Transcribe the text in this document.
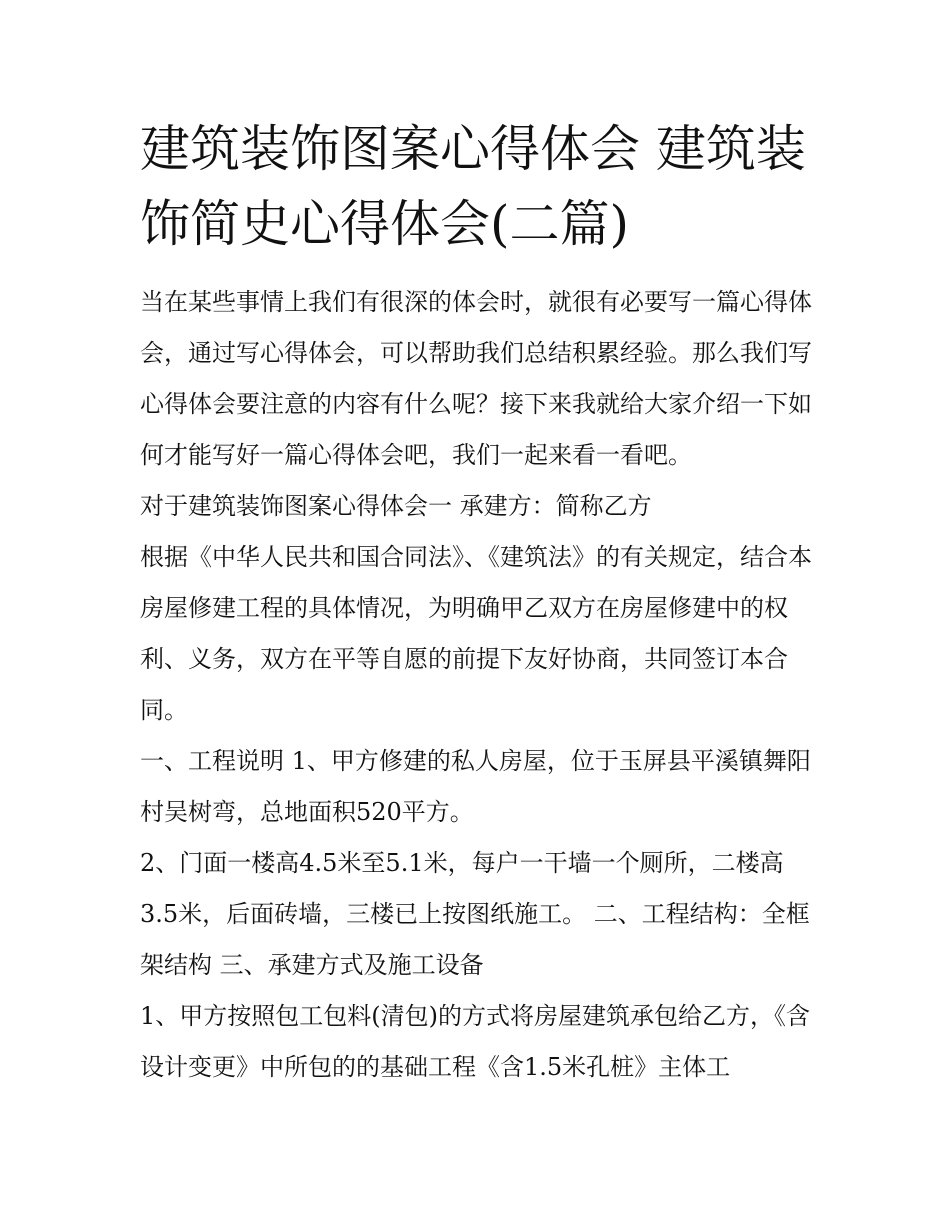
建筑装饰图案心得体会 建筑装饰简史心得体会(二篇)

当在某些事情上我们有很深的体会时，就很有必要写一篇心得体会，通过写心得体会，可以帮助我们总结积累经验。那么我们写心得体会要注意的内容有什么呢？接下来我就给大家介绍一下如何才能写好一篇心得体会吧，我们一起来看一看吧。

对于建筑装饰图案心得体会一 承建方：简称乙方

根据《中华人民共和国合同法》、《建筑法》的有关规定，结合本房屋修建工程的具体情况，为明确甲乙双方在房屋修建中的权利、义务，双方在平等自愿的前提下友好协商，共同签订本合同。

一、工程说明 1、甲方修建的私人房屋，位于玉屏县平溪镇舞阳村吴树弯，总地面积520平方。

2、门面一楼高4.5米至5.1米，每户一干墙一个厕所，二楼高3.5米，后面砖墙，三楼已上按图纸施工。 二、工程结构：全框架结构 三、承建方式及施工设备

1、甲方按照包工包料(清包)的方式将房屋建筑承包给乙方，《含设计变更》中所包的的基础工程《含1.5米孔桩》主体工
